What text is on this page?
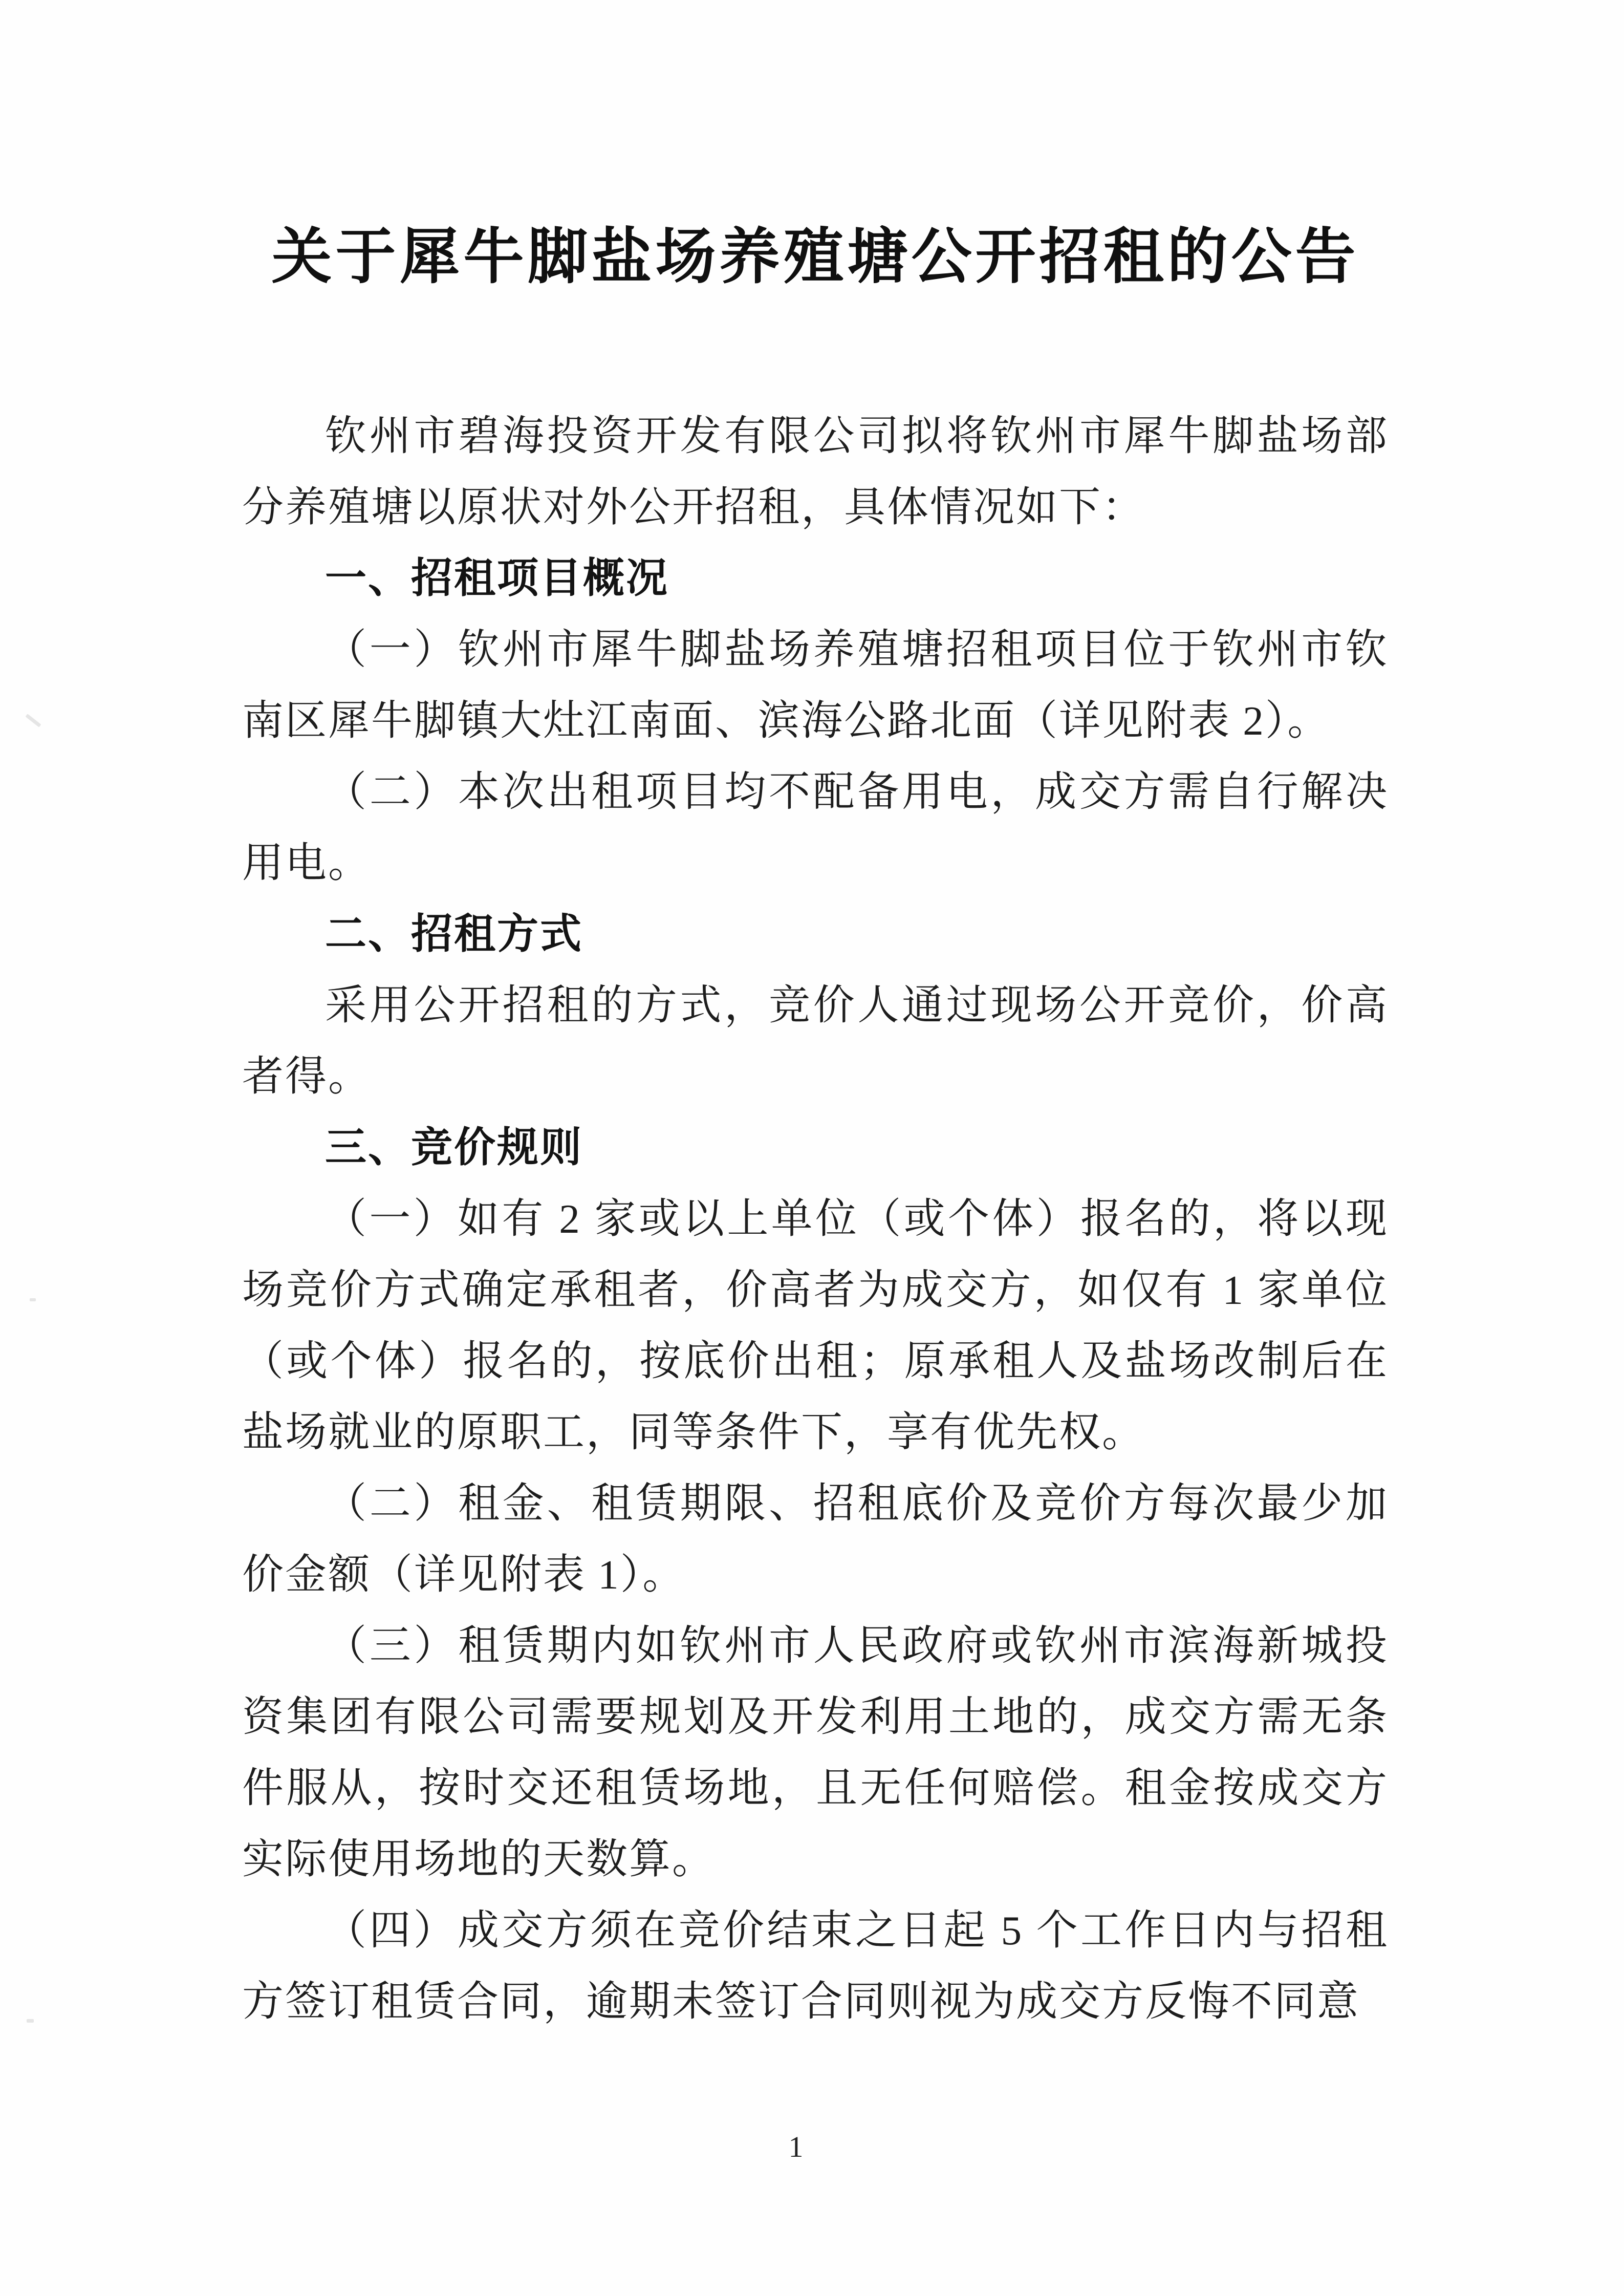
关于犀牛脚盐场养殖塘公开招租的公告

钦州市碧海投资开发有限公司拟将钦州市犀牛脚盐场部分养殖塘以原状对外公开招租，具体情况如下：

一、招租项目概况

（一）钦州市犀牛脚盐场养殖塘招租项目位于钦州市钦南区犀牛脚镇大灶江南面、滨海公路北面（详见附表 2）。

（二）本次出租项目均不配备用电，成交方需自行解决用电。

二、招租方式

采用公开招租的方式，竞价人通过现场公开竞价，价高者得。

三、竞价规则

（一）如有 2 家或以上单位（或个体）报名的，将以现场竞价方式确定承租者，价高者为成交方，如仅有 1 家单位（或个体）报名的，按底价出租；原承租人及盐场改制后在盐场就业的原职工，同等条件下，享有优先权。

（二）租金、租赁期限、招租底价及竞价方每次最少加价金额（详见附表 1）。

（三）租赁期内如钦州市人民政府或钦州市滨海新城投资集团有限公司需要规划及开发利用土地的，成交方需无条件服从，按时交还租赁场地，且无任何赔偿。租金按成交方实际使用场地的天数算。

（四）成交方须在竞价结束之日起 5 个工作日内与招租方签订租赁合同，逾期未签订合同则视为成交方反悔不同意

1
